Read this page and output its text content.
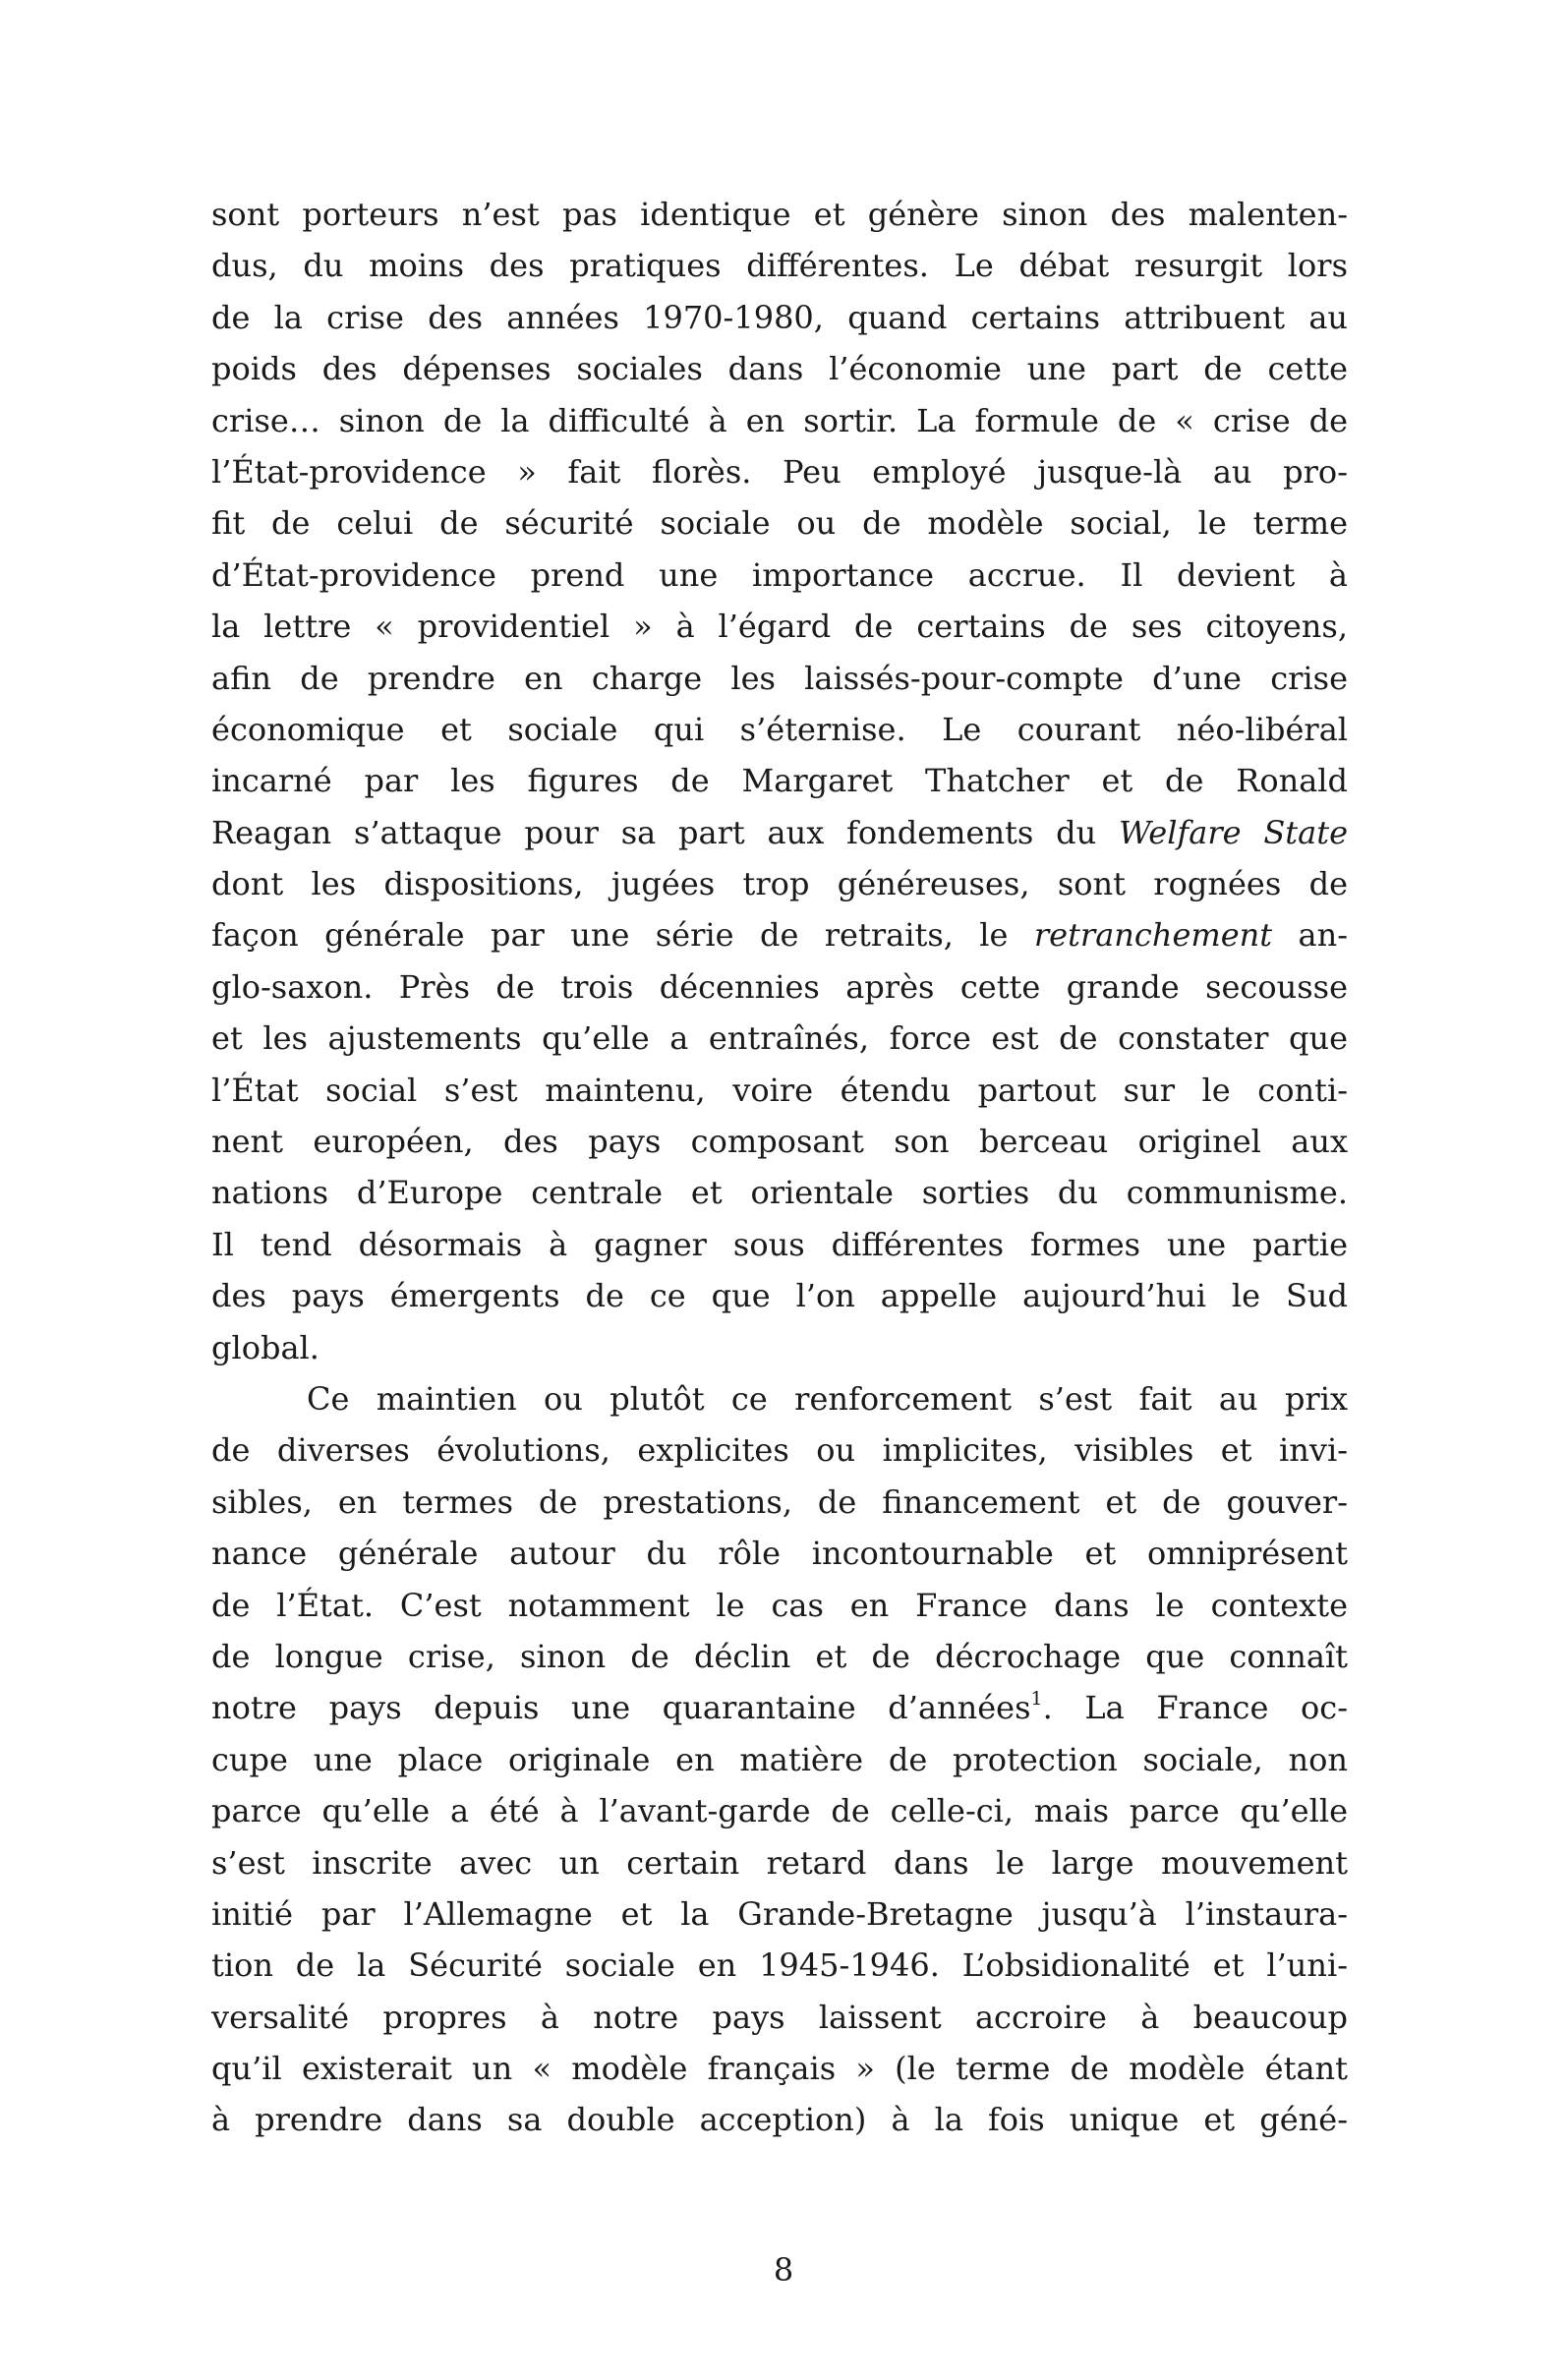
sont porteurs n’est pas identique et génère sinon des malenten-
dus, du moins des pratiques différentes. Le débat resurgit lors
de la crise des années 1970-1980, quand certains attribuent au
poids des dépenses sociales dans l’économie une part de cette
crise… sinon de la difficulté à en sortir. La formule de « crise de
l’État-providence » fait florès. Peu employé jusque-là au pro-
fit de celui de sécurité sociale ou de modèle social, le terme
d’État-providence prend une importance accrue. Il devient à
la lettre « providentiel » à l’égard de certains de ses citoyens,
afin de prendre en charge les laissés-pour-compte d’une crise
économique et sociale qui s’éternise. Le courant néo-libéral
incarné par les figures de Margaret Thatcher et de Ronald
Reagan s’attaque pour sa part aux fondements du Welfare State
dont les dispositions, jugées trop généreuses, sont rognées de
façon générale par une série de retraits, le retranchement an-
glo-saxon. Près de trois décennies après cette grande secousse
et les ajustements qu’elle a entraînés, force est de constater que
l’État social s’est maintenu, voire étendu partout sur le conti-
nent européen, des pays composant son berceau originel aux
nations d’Europe centrale et orientale sorties du communisme.
Il tend désormais à gagner sous différentes formes une partie
des pays émergents de ce que l’on appelle aujourd’hui le Sud
global.
Ce maintien ou plutôt ce renforcement s’est fait au prix
de diverses évolutions, explicites ou implicites, visibles et invi-
sibles, en termes de prestations, de financement et de gouver-
nance générale autour du rôle incontournable et omniprésent
de l’État. C’est notamment le cas en France dans le contexte
de longue crise, sinon de déclin et de décrochage que connaît
notre pays depuis une quarantaine d’années$^1$. La France oc-
cupe une place originale en matière de protection sociale, non
parce qu’elle a été à l’avant-garde de celle-ci, mais parce qu’elle
s’est inscrite avec un certain retard dans le large mouvement
initié par l’Allemagne et la Grande-Bretagne jusqu’à l’instaura-
tion de la Sécurité sociale en 1945-1946. L’obsidionalité et l’uni-
versalité propres à notre pays laissent accroire à beaucoup
qu’il existerait un « modèle français » (le terme de modèle étant
à prendre dans sa double acception) à la fois unique et géné-
8
